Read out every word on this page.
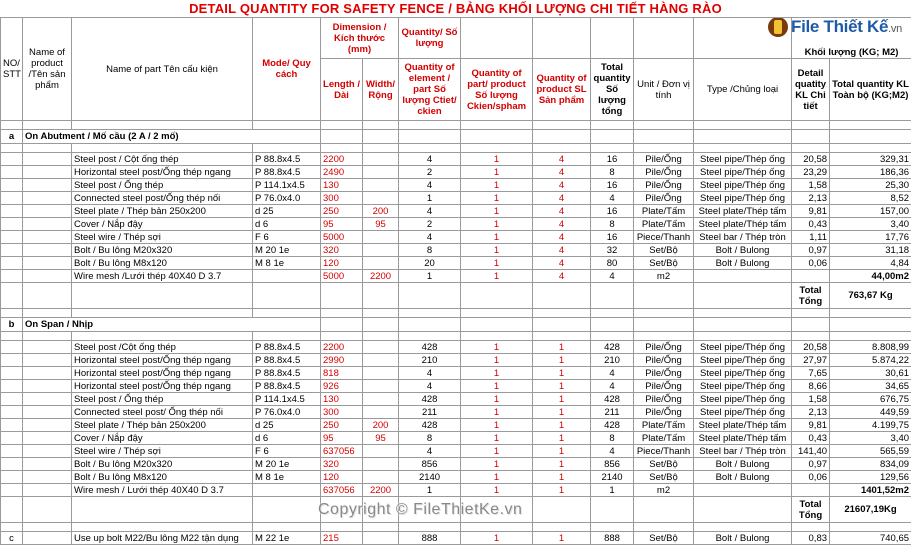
DETAIL QUANTITY FOR SAFETY FENCE / BẢNG KHỐI LƯỢNG CHI TIẾT HÀNG RÀO
File Thiết Kế.vn
NO/ STT	Name of product /Tên sản phẩm	Name of part Tên cấu kiện	Mode/ Quy cách	Dimension / Kích thước (mm)		Quantity/ Số lượng						Khối lượng (KG; M2)	
				Length / Dài	Width/ Rộng	Quantity of element / part Số lượng Ctiet/ ckien	Quantity of part/ product Số lượng Ckien/spham	Quantity of product SL Sản phẩm	Total quantity Số lượng tổng	Unit / Đơn vị tính	Type /Chủng loại	Detail quatity KL Chi tiết	Total quantity KL Toàn bộ (KG;M2)

a	On Abutment / Mố cầu (2 A / 2 mố)												

		Steel post / Cột ống thép	P 88.8x4.5	2200		4	1	4	16	Pile/Ống	Steel pipe/Thép ống	20,58	329,31
		Horizontal steel post/Ống thép ngang	P 88.8x4.5	2490		2	1	4	8	Pile/Ống	Steel pipe/Thép ống	23,29	186,36
		Steel post / Ống thép	P 114.1x4.5	130		4	1	4	16	Pile/Ống	Steel pipe/Thép ống	1,58	25,30
		Connected steel post/Ống thép nối	P 76.0x4.0	300		1	1	4	4	Pile/Ống	Steel pipe/Thép ống	2,13	8,52
		Steel plate / Thép bản 250x200	d 25	250	200	4	1	4	16	Plate/Tấm	Steel plate/Thép tấm	9,81	157,00
		Cover / Nắp đậy	d 6	95	95	2	1	4	8	Plate/Tấm	Steel plate/Thép tấm	0,43	3,40
		Steel wire / Thép sợi	F 6	5000		4	1	4	16	Piece/Thanh	Steel bar / Thép tròn	1,11	17,76
		Bolt / Bu lông M20x320	M 20 1e	320		8	1	4	32	Set/Bộ	Bolt / Bulong	0,97	31,18
		Bolt / Bu lông M8x120	M 8 1e	120		20	1	4	80	Set/Bộ	Bolt / Bulong	0,06	4,84
		Wire mesh /Lưới thép 40X40 D 3.7		5000	2200	1	1	4	4	m2			44,00m2
												Total Tổng	763,67 Kg

b	On Span / Nhịp												

		Steel post /Cột ống thép	P 88.8x4.5	2200		428	1	1	428	Pile/Ống	Steel pipe/Thép ống	20,58	8.808,99
		Horizontal steel post/Ống thép ngang	P 88.8x4.5	2990		210	1	1	210	Pile/Ống	Steel pipe/Thép ống	27,97	5.874,22
		Horizontal steel post/Ống thép ngang	P 88.8x4.5	818		4	1	1	4	Pile/Ống	Steel pipe/Thép ống	7,65	30,61
		Horizontal steel post/Ống thép ngang	P 88.8x4.5	926		4	1	1	4	Pile/Ống	Steel pipe/Thép ống	8,66	34,65
		Steel post / Ống thép	P 114.1x4.5	130		428	1	1	428	Pile/Ống	Steel pipe/Thép ống	1,58	676,75
		Connected steel post/ Ống thép nối	P 76.0x4.0	300		211	1	1	211	Pile/Ống	Steel pipe/Thép ống	2,13	449,59
		Steel plate / Thép bản 250x200	d 25	250	200	428	1	1	428	Plate/Tấm	Steel plate/Thép tấm	9,81	4.199,75
		Cover / Nắp đậy	d 6	95	95	8	1	1	8	Plate/Tấm	Steel plate/Thép tấm	0,43	3,40
		Steel wire / Thép sợi	F 6	637056		4	1	1	4	Piece/Thanh	Steel bar / Thép tròn	141,40	565,59
		Bolt / Bu lông M20x320	M 20 1e	320		856	1	1	856	Set/Bộ	Bolt / Bulong	0,97	834,09
		Bolt / Bu lông M8x120	M 8 1e	120		2140	1	1	2140	Set/Bộ	Bolt / Bulong	0,06	129,56
		Wire mesh / Lưới thép 40X40 D 3.7		637056	2200	1	1	1	1	m2			1401,52m2
												Total Tổng	21607,19Kg

c		Use up bolt M22/Bu lông M22 tận dụng	M 22 1e	215		888	1	1	888	Set/Bộ	Bolt / Bulong	0,83	740,65
Copyright © FileThietKe.vn
